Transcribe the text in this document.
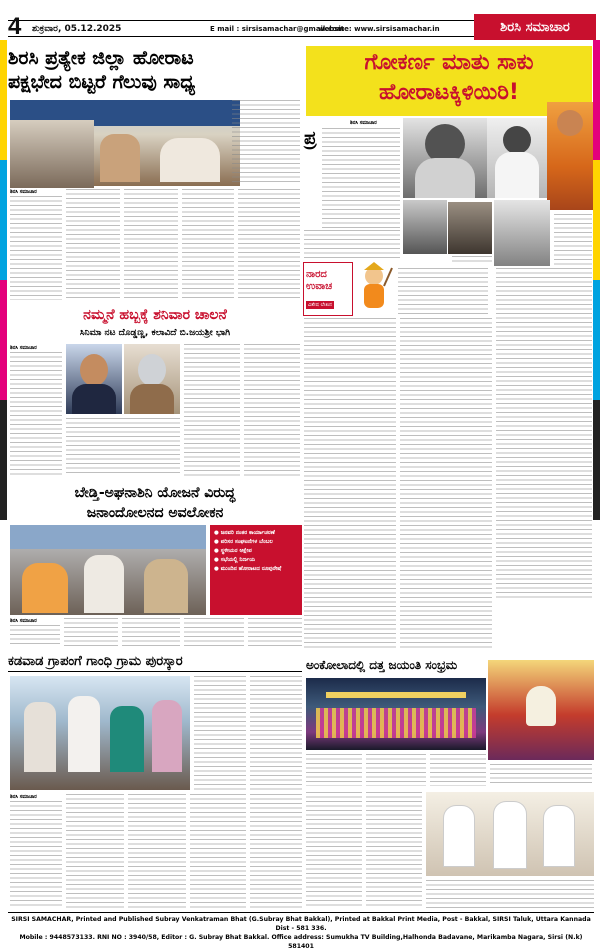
4 ಶುಕ್ರವಾರ, 05.12.2025	E mail : sirsisamachar@gmail.com
website: www.sirsisamachar.in	ಶಿರಸಿ ಸಮಾಚಾರ
ಶಿರಸಿ ಪ್ರತ್ಯೇಕ ಜಿಲ್ಲಾ ಹೋರಾಟ
ಪಕ್ಷಭೇದ ಬಿಟ್ಟರೆ ಗೆಲುವು ಸಾಧ್ಯ
ಶಿರಸಿ ಸಮಾಚಾರ
ಗೋಕರ್ಣ ಮಾತು ಸಾಕು
ಹೋರಾಟಕ್ಕಿಳಿಯಿರಿ!
ಶಿರಸಿ ಸಮಾಚಾರ
ಪ್ರ
ನಾರದ ಉವಾಚ
ವಿಶೇಷ ಲೇಖನ
ನಮ್ಮನೆ ಹಬ್ಬಕ್ಕೆ ಶನಿವಾರ ಚಾಲನೆ
ಸಿನಿಮಾ ನಟ ದೊಡ್ಡಣ್ಣ, ಕಲಾವಿದೆ ಬಿ.ಜಯಶ್ರೀ ಭಾಗಿ
ಶಿರಸಿ ಸಮಾಚಾರ
ಬೇಡ್ತಿ-ಅಘನಾಶಿನಿ ಯೋಜನೆ ವಿರುದ್ಧ
ಜನಾಂದೋಲನದ ಅವಲೋಕನ
● ಜನವರಿ ನಂತರ ಕಾರ್ಯಾಚರಣೆ
● ಪರಿಸರ ಸಂಘಟನೆಗಳ ಬೆಂಬಲ
● ಸ್ಥಳೀಯರ ಆಕ್ಷೇಪ
● ಸಭೆಯಲ್ಲಿ ನಿರ್ಣಯ
● ಮುಂದಿನ ಹೋರಾಟದ ರೂಪುರೇಷೆ
ಶಿರಸಿ ಸಮಾಚಾರ
ಅಂಕೋಲಾದಲ್ಲಿ ದತ್ತ ಜಯಂತಿ ಸಂಭ್ರಮ
ಕಡವಾಡ ಗ್ರಾಪಂಗೆ ಗಾಂಧಿ ಗ್ರಾಮ ಪುರಸ್ಕಾರ
ಶಿರಸಿ ಸಮಾಚಾರ
SIRSI SAMACHAR, Printed and Published Subray Venkatraman Bhat (G.Subray Bhat Bakkal), Printed at Bakkal Print Media, Post - Bakkal, SIRSI Taluk, Uttara Kannada Dist - 581 336.
Mobile : 9448573133. RNI NO : 3940/58, Editor : G. Subray Bhat Bakkal. Office address: Sumukha TV Building,Halhonda Badavane, Marikamba Nagara, Sirsi (N.k) 581401
